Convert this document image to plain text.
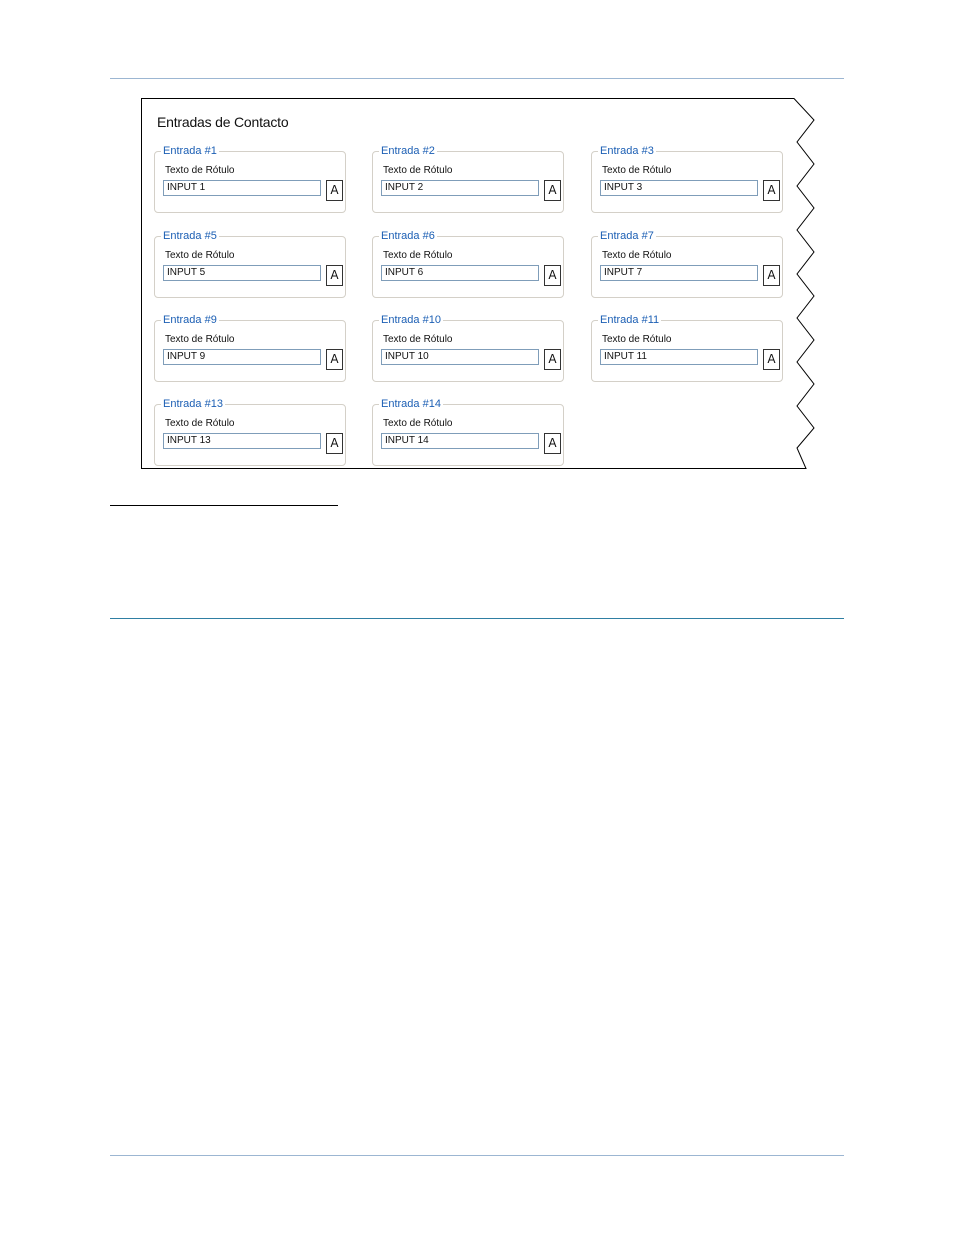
Entradas de Contacto
Entrada #1
Texto de Rótulo
INPUT 1	A
Entrada #2
Texto de Rótulo
INPUT 2	A
Entrada #3
Texto de Rótulo
INPUT 3	A
Entrada #5
Texto de Rótulo
INPUT 5	A
Entrada #6
Texto de Rótulo
INPUT 6	A
Entrada #7
Texto de Rótulo
INPUT 7	A
Entrada #9
Texto de Rótulo
INPUT 9	A
Entrada #10
Texto de Rótulo
INPUT 10	A
Entrada #11
Texto de Rótulo
INPUT 11	A
Entrada #13
Texto de Rótulo
INPUT 13	A
Entrada #14
Texto de Rótulo
INPUT 14	A
